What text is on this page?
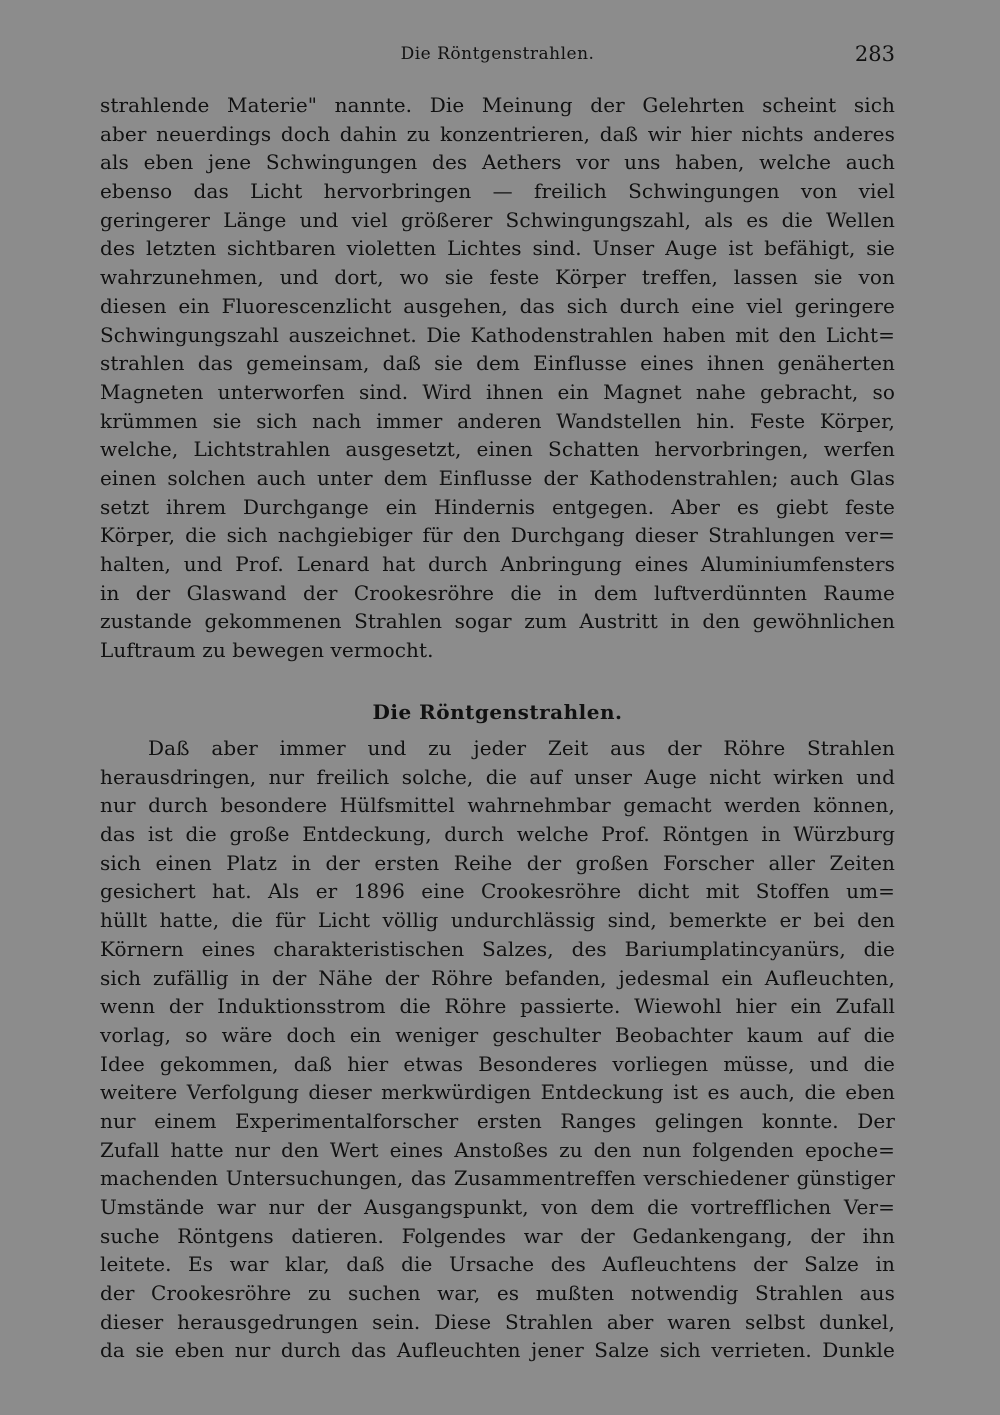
Die Röntgenstrahlen.	283
strahlende Materie" nannte. Die Meinung der Gelehrten scheint sich
aber neuerdings doch dahin zu konzentrieren, daß wir hier nichts anderes
als eben jene Schwingungen des Aethers vor uns haben, welche auch
ebenso das Licht hervorbringen — freilich Schwingungen von viel
geringerer Länge und viel größerer Schwingungszahl, als es die Wellen
des letzten sichtbaren violetten Lichtes sind. Unser Auge ist befähigt, sie
wahrzunehmen, und dort, wo sie feste Körper treffen, lassen sie von
diesen ein Fluorescenzlicht ausgehen, das sich durch eine viel geringere
Schwingungszahl auszeichnet. Die Kathodenstrahlen haben mit den Licht=
strahlen das gemeinsam, daß sie dem Einflusse eines ihnen genäherten
Magneten unterworfen sind. Wird ihnen ein Magnet nahe gebracht, so
krümmen sie sich nach immer anderen Wandstellen hin. Feste Körper,
welche, Lichtstrahlen ausgesetzt, einen Schatten hervorbringen, werfen
einen solchen auch unter dem Einflusse der Kathodenstrahlen; auch Glas
setzt ihrem Durchgange ein Hindernis entgegen. Aber es giebt feste
Körper, die sich nachgiebiger für den Durchgang dieser Strahlungen ver=
halten, und Prof. Lenard hat durch Anbringung eines Aluminiumfensters
in der Glaswand der Crookesröhre die in dem luftverdünnten Raume
zustande gekommenen Strahlen sogar zum Austritt in den gewöhnlichen
Luftraum zu bewegen vermocht.
Die Röntgenstrahlen.
Daß aber immer und zu jeder Zeit aus der Röhre Strahlen
herausdringen, nur freilich solche, die auf unser Auge nicht wirken und
nur durch besondere Hülfsmittel wahrnehmbar gemacht werden können,
das ist die große Entdeckung, durch welche Prof. Röntgen in Würzburg
sich einen Platz in der ersten Reihe der großen Forscher aller Zeiten
gesichert hat. Als er 1896 eine Crookesröhre dicht mit Stoffen um=
hüllt hatte, die für Licht völlig undurchlässig sind, bemerkte er bei den
Körnern eines charakteristischen Salzes, des Bariumplatincyanürs, die
sich zufällig in der Nähe der Röhre befanden, jedesmal ein Aufleuchten,
wenn der Induktionsstrom die Röhre passierte. Wiewohl hier ein Zufall
vorlag, so wäre doch ein weniger geschulter Beobachter kaum auf die
Idee gekommen, daß hier etwas Besonderes vorliegen müsse, und die
weitere Verfolgung dieser merkwürdigen Entdeckung ist es auch, die eben
nur einem Experimentalforscher ersten Ranges gelingen konnte. Der
Zufall hatte nur den Wert eines Anstoßes zu den nun folgenden epoche=
machenden Untersuchungen, das Zusammentreffen verschiedener günstiger
Umstände war nur der Ausgangspunkt, von dem die vortrefflichen Ver=
suche Röntgens datieren. Folgendes war der Gedankengang, der ihn
leitete. Es war klar, daß die Ursache des Aufleuchtens der Salze in
der Crookesröhre zu suchen war, es mußten notwendig Strahlen aus
dieser herausgedrungen sein. Diese Strahlen aber waren selbst dunkel,
da sie eben nur durch das Aufleuchten jener Salze sich verrieten. Dunkle
